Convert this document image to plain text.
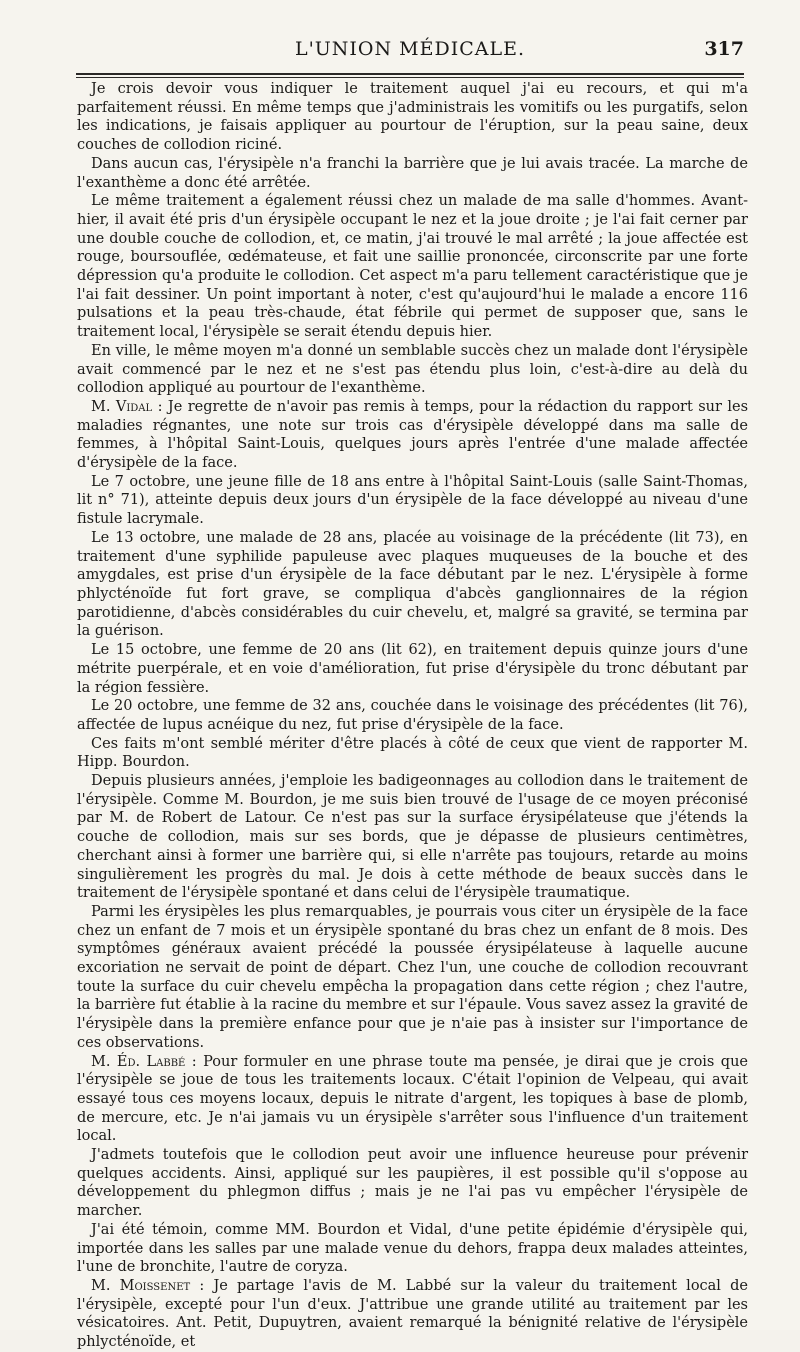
L'UNION MÉDICALE.	317

Je crois devoir vous indiquer le traitement auquel j'ai eu recours, et qui m'a parfaitement réussi. En même temps que j'administrais les vomitifs ou les purgatifs, selon les indications, je faisais appliquer au pourtour de l'éruption, sur la peau saine, deux couches de collodion riciné.

Dans aucun cas, l'érysipèle n'a franchi la barrière que je lui avais tracée. La marche de l'exanthème a donc été arrêtée.

Le même traitement a également réussi chez un malade de ma salle d'hommes. Avant-hier, il avait été pris d'un érysipèle occupant le nez et la joue droite ; je l'ai fait cerner par une double couche de collodion, et, ce matin, j'ai trouvé le mal arrêté ; la joue affectée est rouge, boursouflée, œdémateuse, et fait une saillie prononcée, circonscrite par une forte dépression qu'a produite le collodion. Cet aspect m'a paru tellement caractéristique que je l'ai fait dessiner. Un point important à noter, c'est qu'aujourd'hui le malade a encore 116 pulsations et la peau très-chaude, état fébrile qui permet de supposer que, sans le traitement local, l'érysipèle se serait étendu depuis hier.

En ville, le même moyen m'a donné un semblable succès chez un malade dont l'érysipèle avait commencé par le nez et ne s'est pas étendu plus loin, c'est-à-dire au delà du collodion appliqué au pourtour de l'exanthème.

M. Vidal : Je regrette de n'avoir pas remis à temps, pour la rédaction du rapport sur les maladies régnantes, une note sur trois cas d'érysipèle développé dans ma salle de femmes, à l'hôpital Saint-Louis, quelques jours après l'entrée d'une malade affectée d'érysipèle de la face.

Le 7 octobre, une jeune fille de 18 ans entre à l'hôpital Saint-Louis (salle Saint-Thomas, lit n° 71), atteinte depuis deux jours d'un érysipèle de la face développé au niveau d'une fistule lacrymale.

Le 13 octobre, une malade de 28 ans, placée au voisinage de la précédente (lit 73), en traitement d'une syphilide papuleuse avec plaques muqueuses de la bouche et des amygdales, est prise d'un érysipèle de la face débutant par le nez. L'érysipèle à forme phlycténoïde fut fort grave, se compliqua d'abcès ganglionnaires de la région parotidienne, d'abcès considérables du cuir chevelu, et, malgré sa gravité, se termina par la guérison.

Le 15 octobre, une femme de 20 ans (lit 62), en traitement depuis quinze jours d'une métrite puerpérale, et en voie d'amélioration, fut prise d'érysipèle du tronc débutant par la région fessière.

Le 20 octobre, une femme de 32 ans, couchée dans le voisinage des précédentes (lit 76), affectée de lupus acnéique du nez, fut prise d'érysipèle de la face.

Ces faits m'ont semblé mériter d'être placés à côté de ceux que vient de rapporter M. Hipp. Bourdon.

Depuis plusieurs années, j'emploie les badigeonnages au collodion dans le traitement de l'érysipèle. Comme M. Bourdon, je me suis bien trouvé de l'usage de ce moyen préconisé par M. de Robert de Latour. Ce n'est pas sur la surface érysipélateuse que j'étends la couche de collodion, mais sur ses bords, que je dépasse de plusieurs centimètres, cherchant ainsi à former une barrière qui, si elle n'arrête pas toujours, retarde au moins singulièrement les progrès du mal. Je dois à cette méthode de beaux succès dans le traitement de l'érysipèle spontané et dans celui de l'érysipèle traumatique.

Parmi les érysipèles les plus remarquables, je pourrais vous citer un érysipèle de la face chez un enfant de 7 mois et un érysipèle spontané du bras chez un enfant de 8 mois. Des symptômes généraux avaient précédé la poussée érysipélateuse à laquelle aucune excoriation ne servait de point de départ. Chez l'un, une couche de collodion recouvrant toute la surface du cuir chevelu empêcha la propagation dans cette région ; chez l'autre, la barrière fut établie à la racine du membre et sur l'épaule. Vous savez assez la gravité de l'érysipèle dans la première enfance pour que je n'aie pas à insister sur l'importance de ces observations.

M. Éd. Labbé : Pour formuler en une phrase toute ma pensée, je dirai que je crois que l'érysipèle se joue de tous les traitements locaux. C'était l'opinion de Velpeau, qui avait essayé tous ces moyens locaux, depuis le nitrate d'argent, les topiques à base de plomb, de mercure, etc. Je n'ai jamais vu un érysipèle s'arrêter sous l'influence d'un traitement local.

J'admets toutefois que le collodion peut avoir une influence heureuse pour prévenir quelques accidents. Ainsi, appliqué sur les paupières, il est possible qu'il s'oppose au développement du phlegmon diffus ; mais je ne l'ai pas vu empêcher l'érysipèle de marcher.

J'ai été témoin, comme MM. Bourdon et Vidal, d'une petite épidémie d'érysipèle qui, importée dans les salles par une malade venue du dehors, frappa deux malades atteintes, l'une de bronchite, l'autre de coryza.

M. Moissenet : Je partage l'avis de M. Labbé sur la valeur du traitement local de l'érysipèle, excepté pour l'un d'eux. J'attribue une grande utilité au traitement par les vésicatoires. Ant. Petit, Dupuytren, avaient remarqué la bénignité relative de l'érysipèle phlycténoïde, et
